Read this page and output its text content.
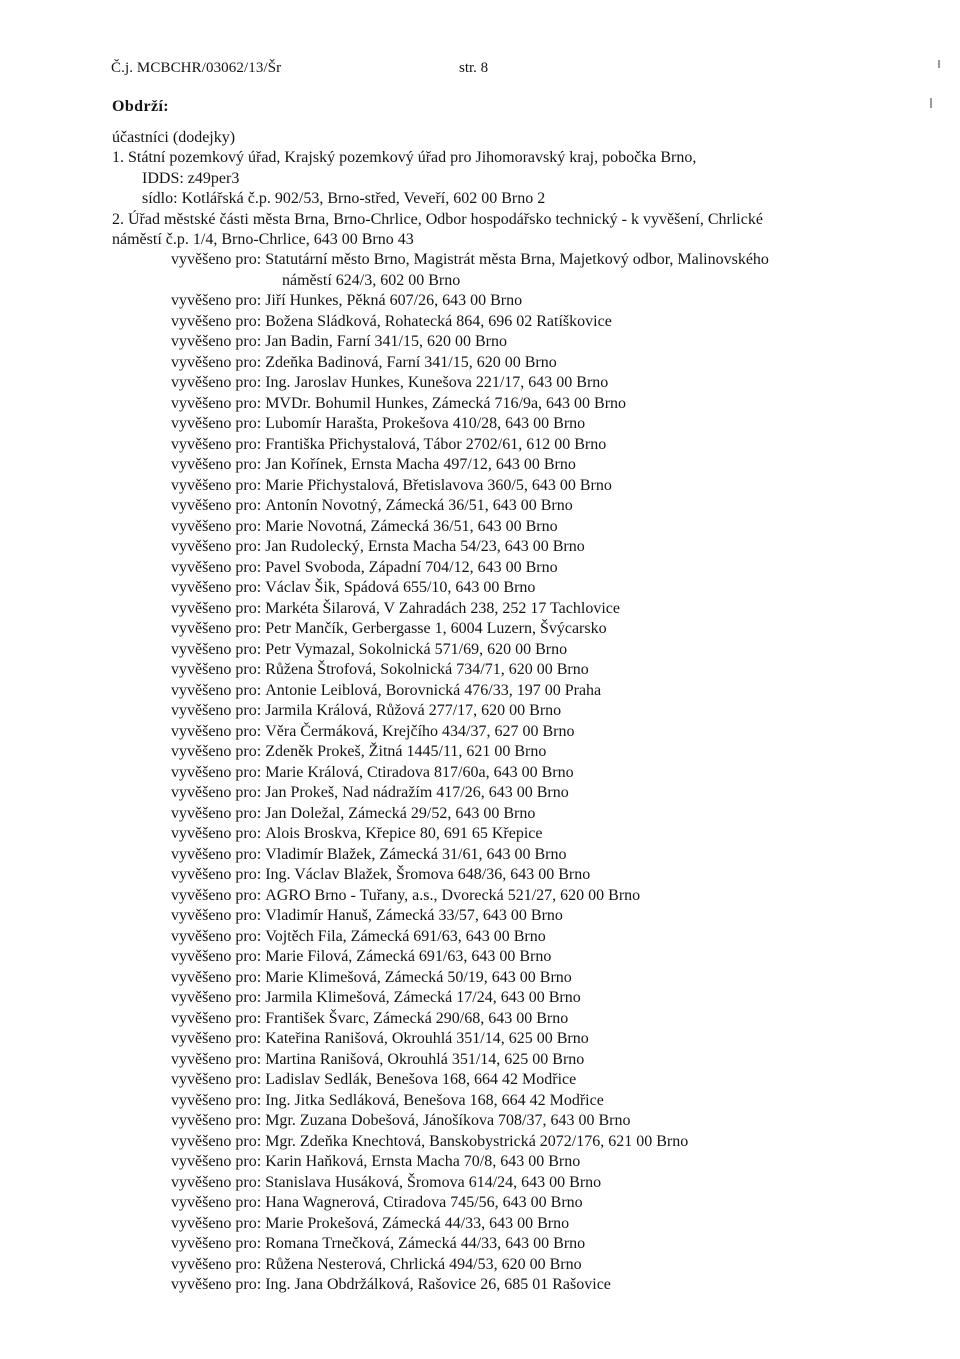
Č.j. MCBCHR/03062/13/Šr	str. 8
Obdrží:
účastníci (dodejky)
1. Státní pozemkový úřad, Krajský pozemkový úřad pro Jihomoravský kraj, pobočka Brno,
IDDS: z49per3
sídlo: Kotlářská č.p. 902/53, Brno-střed, Veveří, 602 00 Brno 2
2. Úřad městské části města Brna, Brno-Chrlice, Odbor hospodářsko technický - k vyvěšení, Chrlické
náměstí č.p. 1/4, Brno-Chrlice, 643 00 Brno 43
vyvěšeno pro: Statutární město Brno, Magistrát města Brna, Majetkový odbor, Malinovského
náměstí 624/3, 602 00 Brno
vyvěšeno pro: Jiří Hunkes, Pěkná 607/26, 643 00 Brno
vyvěšeno pro: Božena Sládková, Rohatecká 864, 696 02 Ratíškovice
vyvěšeno pro: Jan Badin, Farní 341/15, 620 00 Brno
vyvěšeno pro: Zdeňka Badinová, Farní 341/15, 620 00 Brno
vyvěšeno pro: Ing. Jaroslav Hunkes, Kunešova 221/17, 643 00 Brno
vyvěšeno pro: MVDr. Bohumil Hunkes, Zámecká 716/9a, 643 00 Brno
vyvěšeno pro: Lubomír Harašta, Prokešova 410/28, 643 00 Brno
vyvěšeno pro: Františka Přichystalová, Tábor 2702/61, 612 00 Brno
vyvěšeno pro: Jan Kořínek, Ernsta Macha 497/12, 643 00 Brno
vyvěšeno pro: Marie Přichystalová, Břetislavova 360/5, 643 00 Brno
vyvěšeno pro: Antonín Novotný, Zámecká 36/51, 643 00 Brno
vyvěšeno pro: Marie Novotná, Zámecká 36/51, 643 00 Brno
vyvěšeno pro: Jan Rudolecký, Ernsta Macha 54/23, 643 00 Brno
vyvěšeno pro: Pavel Svoboda, Západní 704/12, 643 00 Brno
vyvěšeno pro: Václav Šik, Spádová 655/10, 643 00 Brno
vyvěšeno pro: Markéta Šilarová, V Zahradách 238, 252 17 Tachlovice
vyvěšeno pro: Petr Mančík, Gerbergasse 1, 6004 Luzern, Švýcarsko
vyvěšeno pro: Petr Vymazal, Sokolnická 571/69, 620 00 Brno
vyvěšeno pro: Růžena Štrofová, Sokolnická 734/71, 620 00 Brno
vyvěšeno pro: Antonie Leiblová, Borovnická 476/33, 197 00 Praha
vyvěšeno pro: Jarmila Králová, Růžová 277/17, 620 00 Brno
vyvěšeno pro: Věra Čermáková, Krejčího 434/37, 627 00 Brno
vyvěšeno pro: Zdeněk Prokeš, Žitná 1445/11, 621 00 Brno
vyvěšeno pro: Marie Králová, Ctiradova 817/60a, 643 00 Brno
vyvěšeno pro: Jan Prokeš, Nad nádražím 417/26, 643 00 Brno
vyvěšeno pro: Jan Doležal, Zámecká 29/52, 643 00 Brno
vyvěšeno pro: Alois Broskva, Křepice 80, 691 65 Křepice
vyvěšeno pro: Vladimír Blažek, Zámecká 31/61, 643 00 Brno
vyvěšeno pro: Ing. Václav Blažek, Šromova 648/36, 643 00 Brno
vyvěšeno pro: AGRO Brno - Tuřany, a.s., Dvorecká 521/27, 620 00 Brno
vyvěšeno pro: Vladimír Hanuš, Zámecká 33/57, 643 00 Brno
vyvěšeno pro: Vojtěch Fila, Zámecká 691/63, 643 00 Brno
vyvěšeno pro: Marie Filová, Zámecká 691/63, 643 00 Brno
vyvěšeno pro: Marie Klimešová, Zámecká 50/19, 643 00 Brno
vyvěšeno pro: Jarmila Klimešová, Zámecká 17/24, 643 00 Brno
vyvěšeno pro: František Švarc, Zámecká 290/68, 643 00 Brno
vyvěšeno pro: Kateřina Ranišová, Okrouhlá 351/14, 625 00 Brno
vyvěšeno pro: Martina Ranišová, Okrouhlá 351/14, 625 00 Brno
vyvěšeno pro: Ladislav Sedlák, Benešova 168, 664 42 Modřice
vyvěšeno pro: Ing. Jitka Sedláková, Benešova 168, 664 42 Modřice
vyvěšeno pro: Mgr. Zuzana Dobešová, Jánošíkova 708/37, 643 00 Brno
vyvěšeno pro: Mgr. Zdeňka Knechtová, Banskobystrická 2072/176, 621 00 Brno
vyvěšeno pro: Karin Haňková, Ernsta Macha 70/8, 643 00 Brno
vyvěšeno pro: Stanislava Husáková, Šromova 614/24, 643 00 Brno
vyvěšeno pro: Hana Wagnerová, Ctiradova 745/56, 643 00 Brno
vyvěšeno pro: Marie Prokešová, Zámecká 44/33, 643 00 Brno
vyvěšeno pro: Romana Trnečková, Zámecká 44/33, 643 00 Brno
vyvěšeno pro: Růžena Nesterová, Chrlická 494/53, 620 00 Brno
vyvěšeno pro: Ing. Jana Obdržálková, Rašovice 26, 685 01 Rašovice
